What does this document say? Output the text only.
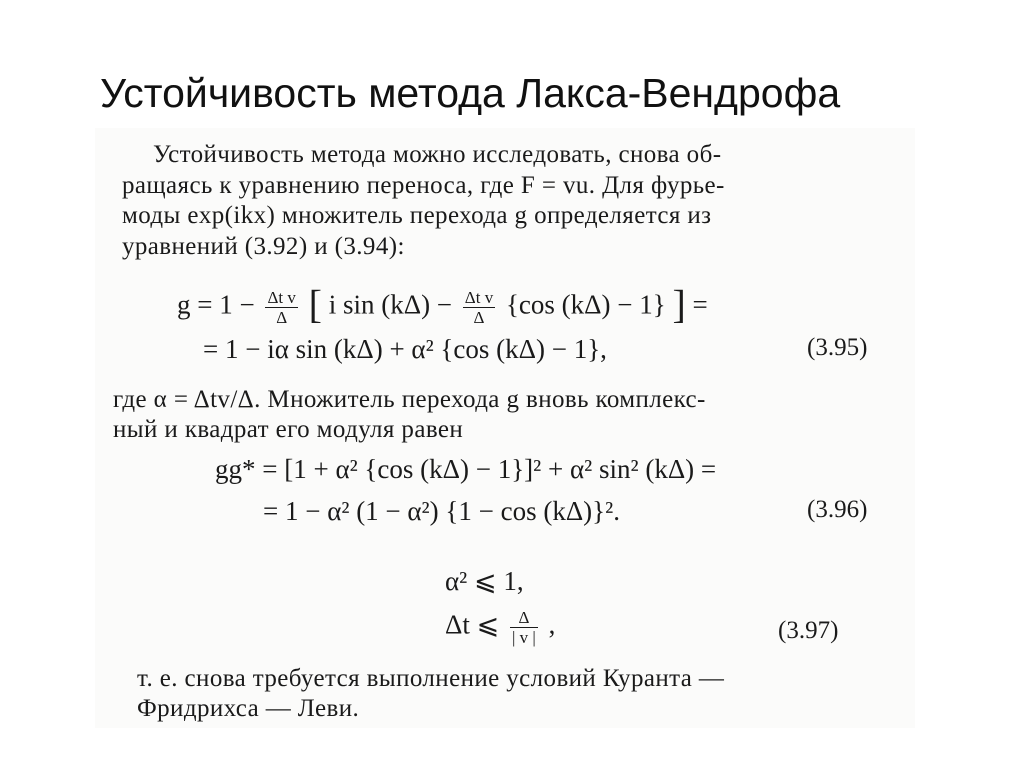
Устойчивость метода Лакса-Вендрофа
Устойчивость метода можно исследовать, снова об-
ращаясь к уравнению переноса, где F = vu. Для фурье-
моды exp(ikx) множитель перехода g определяется из
уравнений (3.92) и (3.94):
$g = 1 - \frac{\text{Δt v}}{\Delta}$ [ i $\sin (k\Delta) - \frac{\text{Δt v}}{\Delta} \{\cos$ (kΔ) − 1} ] =
= 1 − iα sin (kΔ) + α² {cos (kΔ) − 1},	(3.95)
где α = Δtv/Δ. Множитель перехода g вновь комплекс-
ный и квадрат его модуля равен
gg* = [1 + α² {cos (kΔ) − 1}]² + α² sin² (kΔ) =
= 1 − α² (1 − α²) {1 − cos (kΔ)}².	(3.96)
α² ⩽ 1,
Δt ⩽ $\frac{\Delta}{| v |}$ ,	(3.97)
т. е. снова требуется выполнение условий Куранта —
Фридрихса — Леви.
